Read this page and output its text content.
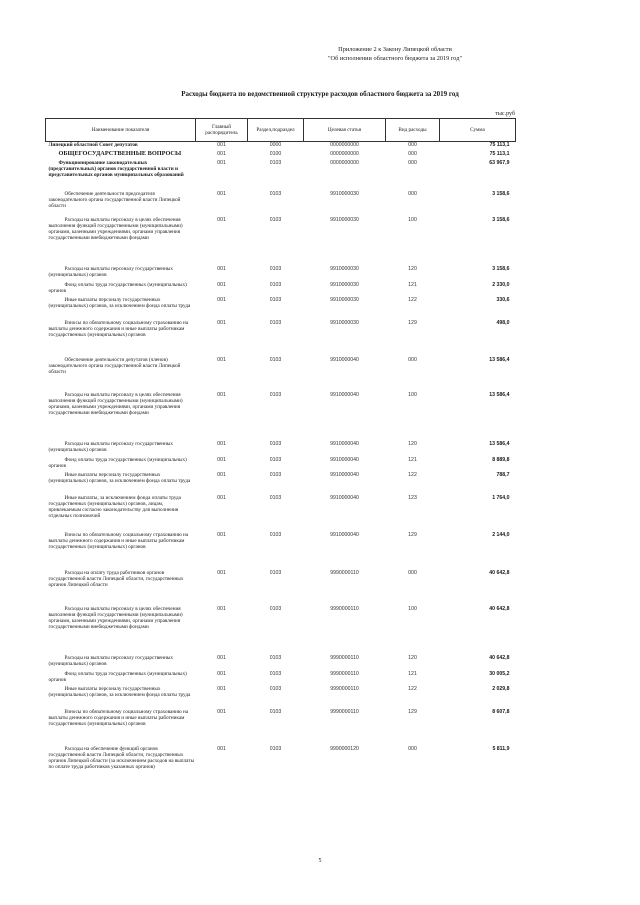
Приложение 2 к Закону Липецкой области
"Об исполнении областного бюджета за 2019 год"
Расходы бюджета по ведомственной структуре расходов областного бюджета за 2019 год
тыс.руб
Наименование показателя	Главный распорядитель	Раздел,подраздел	Целевая статья	Вид расходы	Сумма
Липецкий областной Совет депутатов	001	0000	0000000000	000	75 113,1
ОБЩЕГОСУДАРСТВЕННЫЕ ВОПРОСЫ	001	0100	0000000000	000	75 113,1
Функционирование законодательных (представительных) органов государственной власти и представительных органов муниципальных образований	001	0103	0000000000	000	63 967,9
Обеспечение деятельности председателя законодательного органа государственной власти Липецкой области	001	0103	9910000030	000	3 158,6
Расходы на выплаты персоналу в целях обеспечения выполнения функций государственными (муниципальными) органами, казенными учреждениями, органами управления государственными внебюджетными фондами	001	0103	9910000030	100	3 158,6
Расходы на выплаты персоналу государственных (муниципальных) органов	001	0103	9910000030	120	3 158,6
Фонд оплаты труда государственных (муниципальных) органов	001	0103	9910000030	121	2 330,0
Иные выплаты персоналу государственных (муниципальных) органов, за исключением фонда оплаты труда	001	0103	9910000030	122	330,6
Взносы по обязательному социальному страхованию на выплаты денежного содержания и иные выплаты работникам государственных (муниципальных) органов	001	0103	9910000030	129	498,0
Обеспечение деятельности депутатов (членов) законодательного органа государственной власти Липецкой области	001	0103	9910000040	000	13 586,4
Расходы на выплаты персоналу в целях обеспечения выполнения функций государственными (муниципальными) органами, казенными учреждениями, органами управления государственными внебюджетными фондами	001	0103	9910000040	100	13 586,4
Расходы на выплаты персоналу государственных (муниципальных) органов	001	0103	9910000040	120	13 586,4
Фонд оплаты труда государственных (муниципальных) органов	001	0103	9910000040	121	8 889,8
Иные выплаты персоналу государственных (муниципальных) органов, за исключением фонда оплаты труда	001	0103	9910000040	122	788,7
Иные выплаты, за исключением фонда оплаты труда государственных (муниципальных) органов, лицам, привлекаемым согласно законодательству для выполнения отдельных полномочий	001	0103	9910000040	123	1 764,0
Взносы по обязательному социальному страхованию на выплаты денежного содержания и иные выплаты работникам государственных (муниципальных) органов	001	0103	9910000040	129	2 144,0
Расходы на оплату труда работников органов государственной власти Липецкой области, государственных органов Липецкой области	001	0103	9990000110	000	40 642,8
Расходы на выплаты персоналу в целях обеспечения выполнения функций государственными (муниципальными) органами, казенными учреждениями, органами управления государственными внебюджетными фондами	001	0103	9990000110	100	40 642,8
Расходы на выплаты персоналу государственных (муниципальных) органов	001	0103	9990000110	120	40 642,8
Фонд оплаты труда государственных (муниципальных) органов	001	0103	9990000110	121	30 005,2
Иные выплаты персоналу государственных (муниципальных) органов, за исключением фонда оплаты труда	001	0103	9990000110	122	2 029,8
Взносы по обязательному социальному страхованию на выплаты денежного содержания и иные выплаты работникам государственных (муниципальных) органов	001	0103	9990000110	129	8 607,8
Расходы на обеспечение функций органов государственной власти Липецкой области, государственных органов Липецкой области (за исключением расходов на выплаты по оплате труда работников указанных органов)	001	0103	9990000120	000	5 811,9
5
